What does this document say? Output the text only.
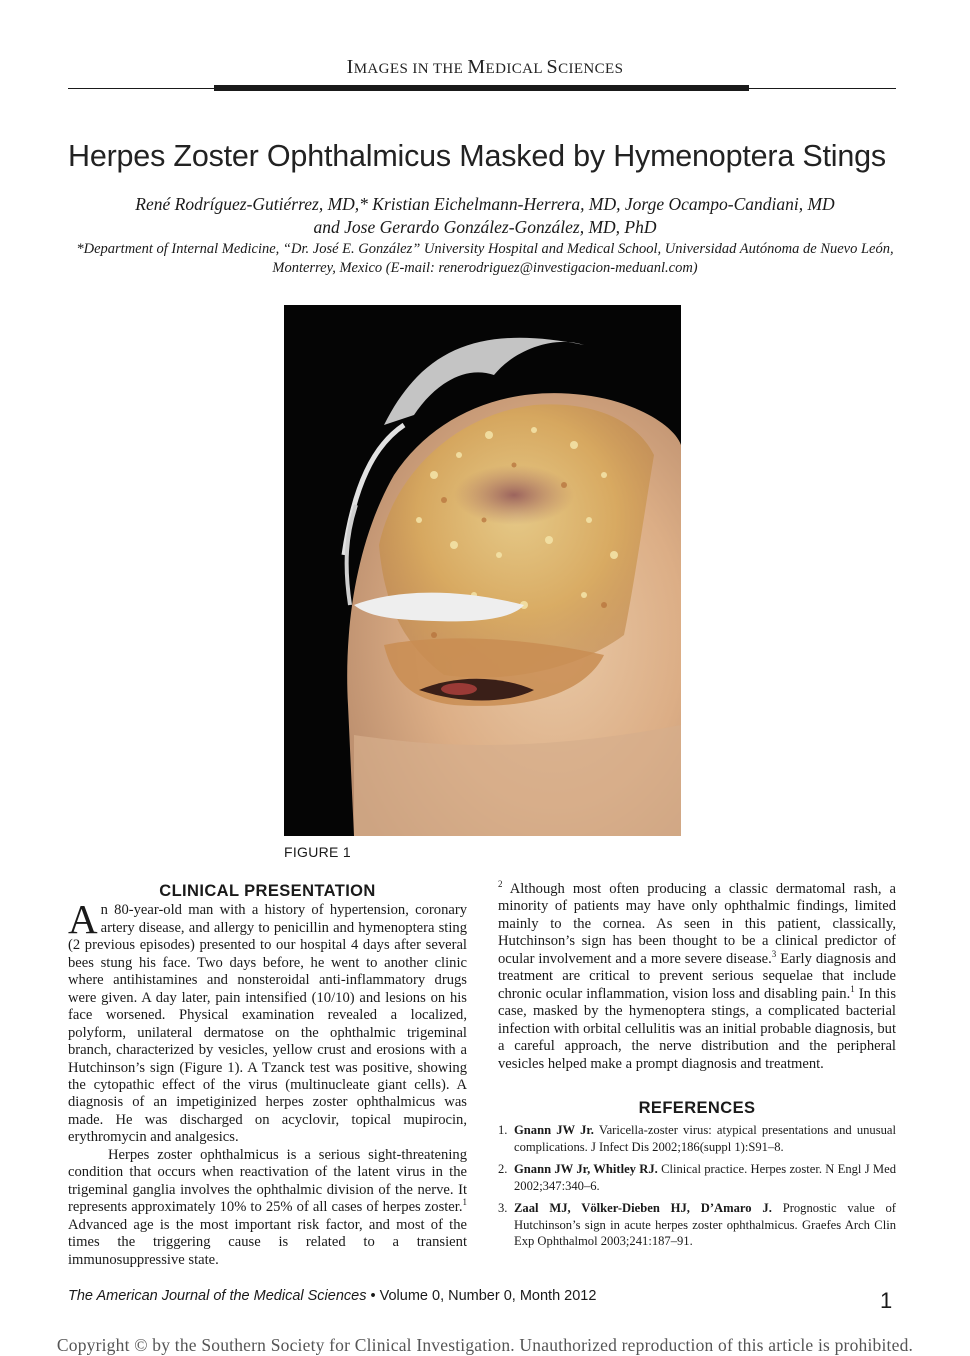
IMAGES IN THE MEDICAL SCIENCES
Herpes Zoster Ophthalmicus Masked by Hymenoptera Stings
René Rodríguez-Gutiérrez, MD,* Kristian Eichelmann-Herrera, MD, Jorge Ocampo-Candiani, MD
and Jose Gerardo González-González, MD, PhD
*Department of Internal Medicine, “Dr. José E. González” University Hospital and Medical School, Universidad Autónoma de Nuevo León, Monterrey, Mexico (E-mail: renerodriguez@investigacion-meduanl.com)
FIGURE 1
CLINICAL PRESENTATION

An 80-year-old man with a history of hypertension, coronary artery disease, and allergy to penicillin and hymenoptera sting (2 previous episodes) presented to our hospital 4 days after several bees stung his face. Two days before, he went to another clinic where antihistamines and nonsteroidal anti-inflammatory drugs were given. A day later, pain intensified (10/10) and lesions on his face worsened. Physical examination revealed a localized, polyform, unilateral dermatose on the ophthalmic trigeminal branch, characterized by vesicles, yellow crust and erosions with a Hutchinson’s sign (Figure 1). A Tzanck test was positive, showing the cytopathic effect of the virus (multinucleate giant cells). A diagnosis of an impetiginized herpes zoster ophthalmicus was made. He was discharged on acyclovir, topical mupirocin, erythromycin and analgesics.

Herpes zoster ophthalmicus is a serious sight-threatening condition that occurs when reactivation of the latent virus in the trigeminal ganglia involves the ophthalmic division of the nerve. It represents approximately 10% to 25% of all cases of herpes zoster.$^1$ Advanced age is the most important risk factor, and most of the times the triggering cause is related to a transient immunosuppressive state.

$^2$ Although most often producing a classic dermatomal rash, a minority of patients may have only ophthalmic findings, limited mainly to the cornea. As seen in this patient, classically, Hutchinson’s sign has been thought to be a clinical predictor of ocular involvement and a more severe disease.$^3$ Early diagnosis and treatment are critical to prevent serious sequelae that include chronic ocular inflammation, vision loss and disabling pain.$^1$ In this case, masked by the hymenoptera stings, a complicated bacterial infection with orbital cellulitis was an initial probable diagnosis, but a careful approach, the nerve distribution and the peripheral vesicles helped make a prompt diagnosis and treatment.

REFERENCES
1. Gnann JW Jr. Varicella-zoster virus: atypical presentations and unusual complications. J Infect Dis 2002;186(suppl 1):S91–8.
2. Gnann JW Jr, Whitley RJ. Clinical practice. Herpes zoster. N Engl J Med 2002;347:340–6.
3. Zaal MJ, Völker-Dieben HJ, D’Amaro J. Prognostic value of Hutchinson’s sign in acute herpes zoster ophthalmicus. Graefes Arch Clin Exp Ophthalmol 2003;241:187–91.
The American Journal of the Medical Sciences • Volume 0, Number 0, Month 2012	1
Copyright © by the Southern Society for Clinical Investigation. Unauthorized reproduction of this article is prohibited.
